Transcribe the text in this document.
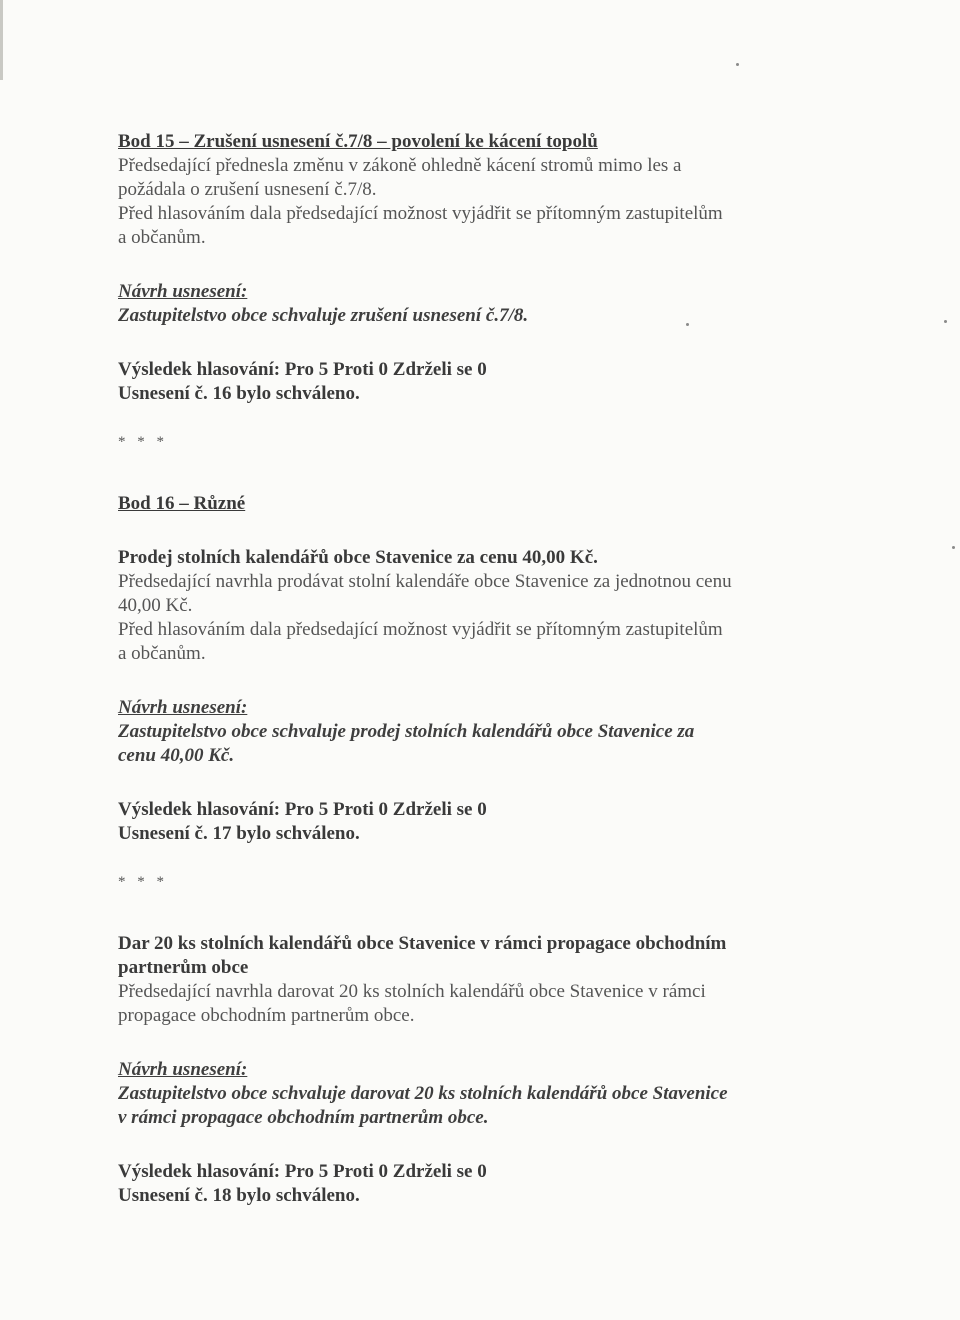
Bod 15 – Zrušení usnesení č.7/8 – povolení ke kácení topolů

Předsedající přednesla změnu v zákoně ohledně kácení stromů mimo les a

požádala o zrušení usnesení č.7/8.

Před hlasováním dala předsedající možnost vyjádřit se přítomným zastupitelům

a občanům.

Návrh usnesení:

Zastupitelstvo obce schvaluje zrušení usnesení č.7/8.

Výsledek hlasování: Pro 5 Proti 0 Zdrželi se 0

Usnesení č. 16 bylo schváleno.

* * *

Bod 16 – Různé

Prodej stolních kalendářů obce Stavenice za cenu 40,00 Kč.

Předsedající navrhla prodávat stolní kalendáře obce Stavenice za jednotnou cenu

40,00 Kč.

Před hlasováním dala předsedající možnost vyjádřit se přítomným zastupitelům

a občanům.

Návrh usnesení:

Zastupitelstvo obce schvaluje prodej stolních kalendářů obce Stavenice za

cenu 40,00 Kč.

Výsledek hlasování: Pro 5 Proti 0 Zdrželi se 0

Usnesení č. 17 bylo schváleno.

* * *

Dar 20 ks stolních kalendářů obce Stavenice v rámci propagace obchodním

partnerům obce

Předsedající navrhla darovat 20 ks stolních kalendářů obce Stavenice v rámci

propagace obchodním partnerům obce.

Návrh usnesení:

Zastupitelstvo obce schvaluje darovat 20 ks stolních kalendářů obce Stavenice

v rámci propagace obchodním partnerům obce.

Výsledek hlasování: Pro 5 Proti 0 Zdrželi se 0

Usnesení č. 18 bylo schváleno.
